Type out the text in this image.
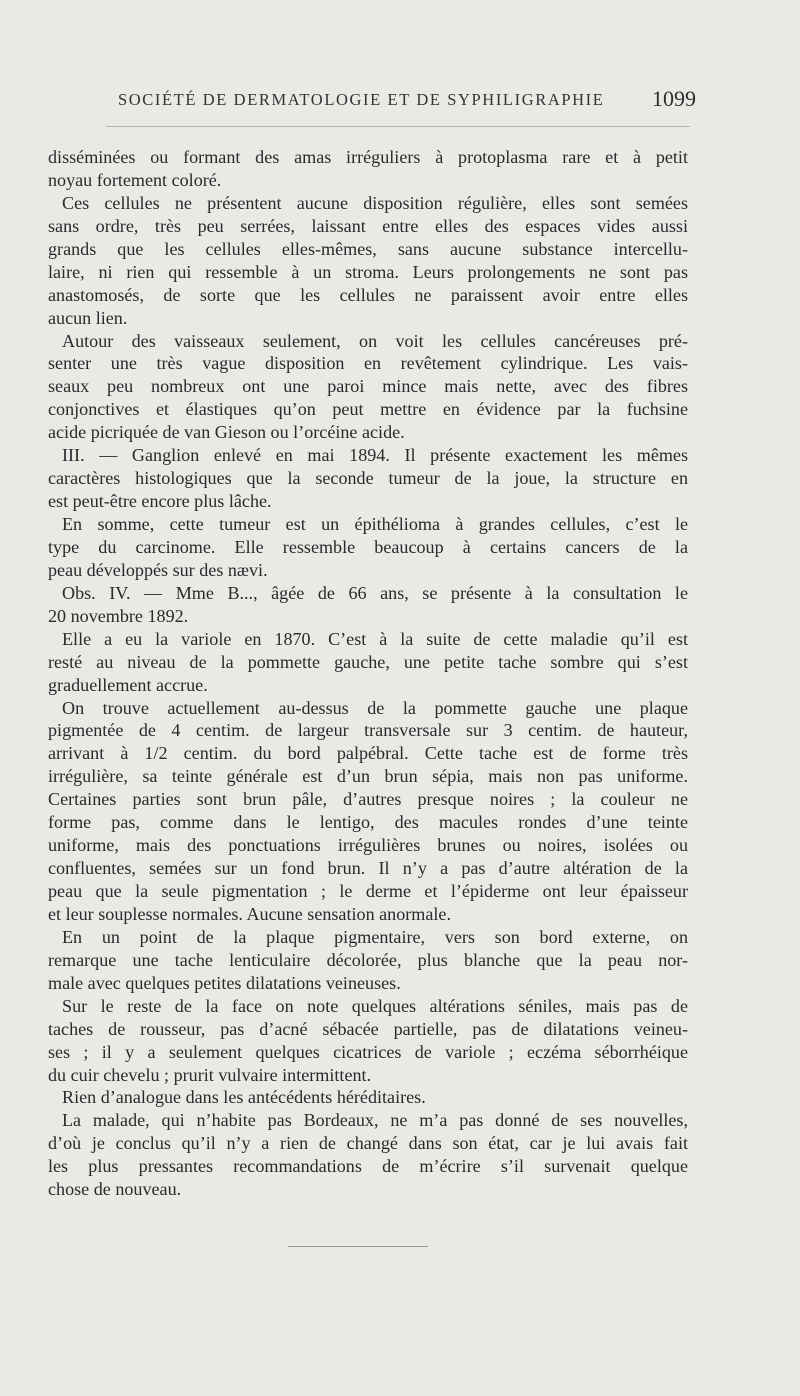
SOCIÉTÉ DE DERMATOLOGIE ET DE SYPHILIGRAPHIE 1099
disséminées ou formant des amas irréguliers à protoplasma rare et à petit
noyau fortement coloré.
Ces cellules ne présentent aucune disposition régulière, elles sont semées
sans ordre, très peu serrées, laissant entre elles des espaces vides aussi
grands que les cellules elles-mêmes, sans aucune substance intercellu-
laire, ni rien qui ressemble à un stroma. Leurs prolongements ne sont pas
anastomosés, de sorte que les cellules ne paraissent avoir entre elles
aucun lien.
Autour des vaisseaux seulement, on voit les cellules cancéreuses pré-
senter une très vague disposition en revêtement cylindrique. Les vais-
seaux peu nombreux ont une paroi mince mais nette, avec des fibres
conjonctives et élastiques qu’on peut mettre en évidence par la fuchsine
acide picriquée de van Gieson ou l’orcéine acide.
III. — Ganglion enlevé en mai 1894. Il présente exactement les mêmes
caractères histologiques que la seconde tumeur de la joue, la structure en
est peut-être encore plus lâche.
En somme, cette tumeur est un épithélioma à grandes cellules, c’est le
type du carcinome. Elle ressemble beaucoup à certains cancers de la
peau développés sur des nævi.
Obs. IV. — Mme B..., âgée de 66 ans, se présente à la consultation le
20 novembre 1892.
Elle a eu la variole en 1870. C’est à la suite de cette maladie qu’il est
resté au niveau de la pommette gauche, une petite tache sombre qui s’est
graduellement accrue.
On trouve actuellement au-dessus de la pommette gauche une plaque
pigmentée de 4 centim. de largeur transversale sur 3 centim. de hauteur,
arrivant à 1/2 centim. du bord palpébral. Cette tache est de forme très
irrégulière, sa teinte générale est d’un brun sépia, mais non pas uniforme.
Certaines parties sont brun pâle, d’autres presque noires ; la couleur ne
forme pas, comme dans le lentigo, des macules rondes d’une teinte
uniforme, mais des ponctuations irrégulières brunes ou noires, isolées ou
confluentes, semées sur un fond brun. Il n’y a pas d’autre altération de la
peau que la seule pigmentation ; le derme et l’épiderme ont leur épaisseur
et leur souplesse normales. Aucune sensation anormale.
En un point de la plaque pigmentaire, vers son bord externe, on
remarque une tache lenticulaire décolorée, plus blanche que la peau nor-
male avec quelques petites dilatations veineuses.
Sur le reste de la face on note quelques altérations séniles, mais pas de
taches de rousseur, pas d’acné sébacée partielle, pas de dilatations veineu-
ses ; il y a seulement quelques cicatrices de variole ; eczéma séborrhéique
du cuir chevelu ; prurit vulvaire intermittent.
Rien d’analogue dans les antécédents héréditaires.
La malade, qui n’habite pas Bordeaux, ne m’a pas donné de ses nouvelles,
d’où je conclus qu’il n’y a rien de changé dans son état, car je lui avais fait
les plus pressantes recommandations de m’écrire s’il survenait quelque
chose de nouveau.
